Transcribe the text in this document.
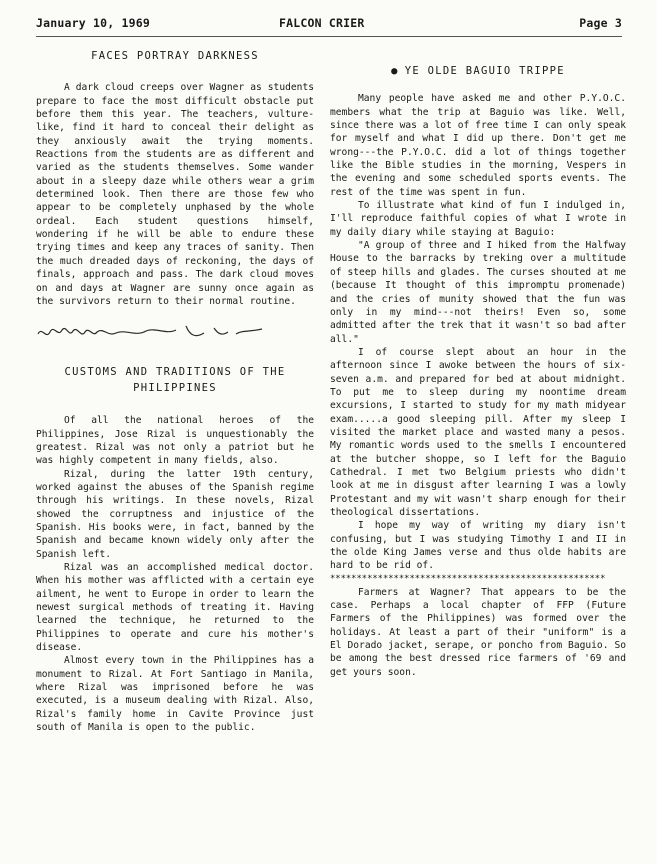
January 10, 1969	FALCON CRIER	Page 3
FACES PORTRAY DARKNESS

A dark cloud creeps over Wagner as students prepare to face the most difficult obstacle put before them this year. The teachers, vulture-like, find it hard to conceal their delight as they anxiously await the trying moments. Reactions from the students are as different and varied as the students themselves. Some wander about in a sleepy daze while others wear a grim determined look. Then there are those few who appear to be completely unphased by the whole ordeal. Each student questions himself, wondering if he will be able to endure these trying times and keep any traces of sanity. Then the much dreaded days of reckoning, the days of finals, approach and pass. The dark cloud moves on and days at Wagner are sunny once again as the survivors return to their normal routine.

CUSTOMS AND TRADITIONS OF THE PHILIPPINES

Of all the national heroes of the Philippines, Jose Rizal is unquestionably the greatest. Rizal was not only a patriot but he was highly competent in many fields, also.

Rizal, during the latter 19th century, worked against the abuses of the Spanish regime through his writings. In these novels, Rizal showed the corruptness and injustice of the Spanish. His books were, in fact, banned by the Spanish and became known widely only after the Spanish left.

Rizal was an accomplished medical doctor. When his mother was afflicted with a certain eye ailment, he went to Europe in order to learn the newest surgical methods of treating it. Having learned the technique, he returned to the Philippines to operate and cure his mother's disease.

Almost every town in the Philippines has a monument to Rizal. At Fort Santiago in Manila, where Rizal was imprisoned before he was executed, is a museum dealing with Rizal. Also, Rizal's family home in Cavite Province just south of Manila is open to the public.

● YE OLDE BAGUIO TRIPPE

Many people have asked me and other P.Y.O.C. members what the trip at Baguio was like. Well, since there was a lot of free time I can only speak for myself and what I did up there. Don't get me wrong---the P.Y.O.C. did a lot of things together like the Bible studies in the morning, Vespers in the evening and some scheduled sports events. The rest of the time was spent in fun.

To illustrate what kind of fun I indulged in, I'll reproduce faithful copies of what I wrote in my daily diary while staying at Baguio:

"A group of three and I hiked from the Halfway House to the barracks by treking over a multitude of steep hills and glades. The curses shouted at me (because It thought of this impromptu promenade) and the cries of munity showed that the fun was only in my mind---not theirs! Even so, some admitted after the trek that it wasn't so bad after all."

I of course slept about an hour in the afternoon since I awoke between the hours of six-seven a.m. and prepared for bed at about midnight. To put me to sleep during my noontime dream excursions, I started to study for my math midyear exam.....a good sleeping pill. After my sleep I visited the market place and wasted many a pesos. My romantic words used to the smells I encountered at the butcher shoppe, so I left for the Baguio Cathedral. I met two Belgium priests who didn't look at me in disgust after learning I was a lowly Protestant and my wit wasn't sharp enough for their theological dissertations.

I hope my way of writing my diary isn't confusing, but I was studying Timothy I and II in the olde King James verse and thus olde habits are hard to be rid of.

****************************************************

Farmers at Wagner? That appears to be the case. Perhaps a local chapter of FFP (Future Farmers of the Philippines) was formed over the holidays. At least a part of their "uniform" is a El Dorado jacket, serape, or poncho from Baguio. So be among the best dressed rice farmers of '69 and get yours soon.
